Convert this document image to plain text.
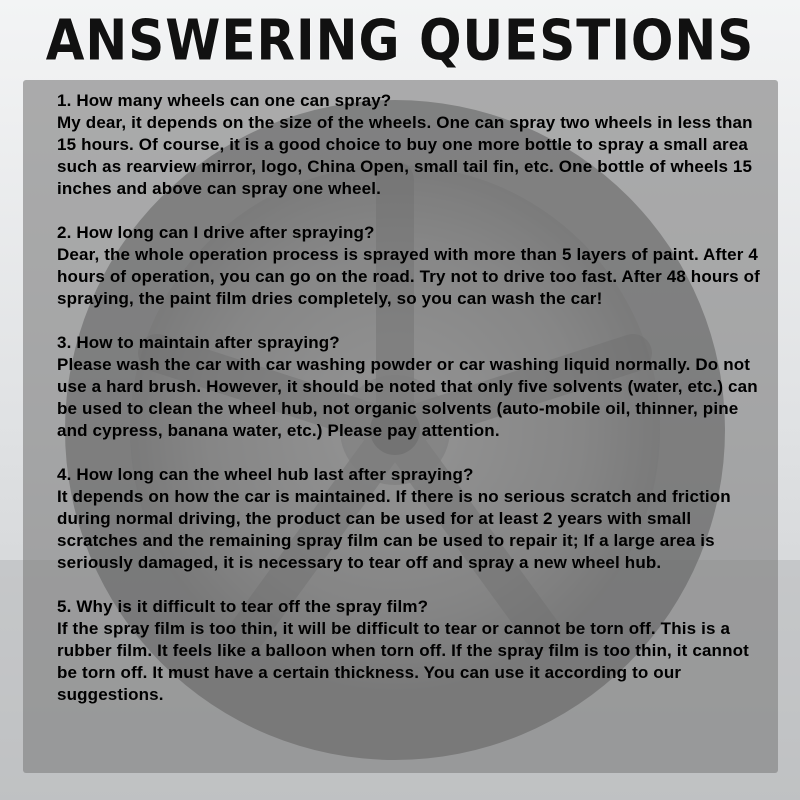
ANSWERING QUESTIONS

1. How many wheels can one can spray?

My dear, it depends on the size of the wheels. One can spray two wheels in less than 15 hours. Of course, it is a good choice to buy one more bottle to spray a small area such as rearview mirror, logo, China Open, small tail fin, etc. One bottle of wheels 15 inches and above can spray one wheel.

2. How long can I drive after spraying?

Dear, the whole operation process is sprayed with more than 5 layers of paint. After 4 hours of operation, you can go on the road. Try not to drive too fast. After 48 hours of spraying, the paint film dries completely, so you can wash the car!

3. How to maintain after spraying?

Please wash the car with car washing powder or car washing liquid normally. Do not use a hard brush. However, it should be noted that only five solvents (water, etc.) can be used to clean the wheel hub, not organic solvents (auto-mobile oil, thinner, pine and cypress, banana water, etc.) Please pay attention.

4. How long can the wheel hub last after spraying?

It depends on how the car is maintained. If there is no serious scratch and friction during normal driving, the product can be used for at least 2 years with small scratches and the remaining spray film can be used to repair it; If a large area is seriously damaged, it is necessary to tear off and spray a new wheel hub.

5. Why is it difficult to tear off the spray film?

If the spray film is too thin, it will be difficult to tear or cannot be torn off. This is a rubber film. It feels like a balloon when torn off. If the spray film is too thin, it cannot be torn off. It must have a certain thickness. You can use it according to our suggestions.
